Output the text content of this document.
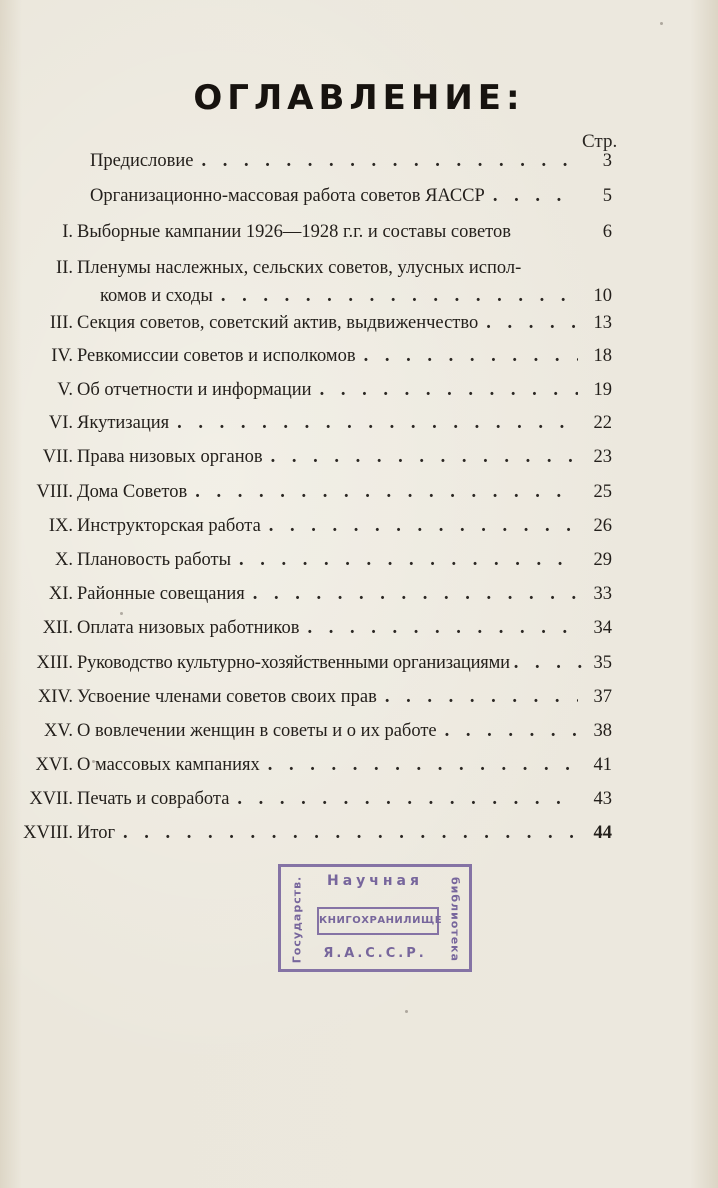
ОГЛАВЛЕНИЕ:
Стр.
Предисловие . . .	3
Организационно-массовая работа советов ЯАССР . . .	5
I. Выборные кампании 1926—1928 г.г. и составы советов	6
II. Пленумы наслежных, сельских советов, улусных испол-
комов и сходы . . .	10
III. Секция советов, советский актив, выдвиженчество . . .	13
IV. Ревкомиссии советов и исполкомов . . .	18
V. Об отчетности и информации . . .	19
VI. Якутизация . . .	22
VII. Права низовых органов . . .	23
VIII. Дома Советов . . .	25
IX. Инструкторская работа . . .	26
X. Плановость работы . . .	29
XI. Районные совещания . . .	33
XII. Оплата низовых работников . . .	34
XIII. Руководство культурно-хозяйственными организациями . . .	35
XIV. Усвоение членами советов своих прав . . .	37
XV. О вовлечении женщин в советы и о их работе . . .	38
XVI. О массовых кампаниях . . .	41
XVII. Печать и совработа . . .	43
XVIII. Итог . . .	44
Научная
КНИГОХРАНИЛИЩЕ
Я.А.С.С.Р.
Государств.	библиотека
